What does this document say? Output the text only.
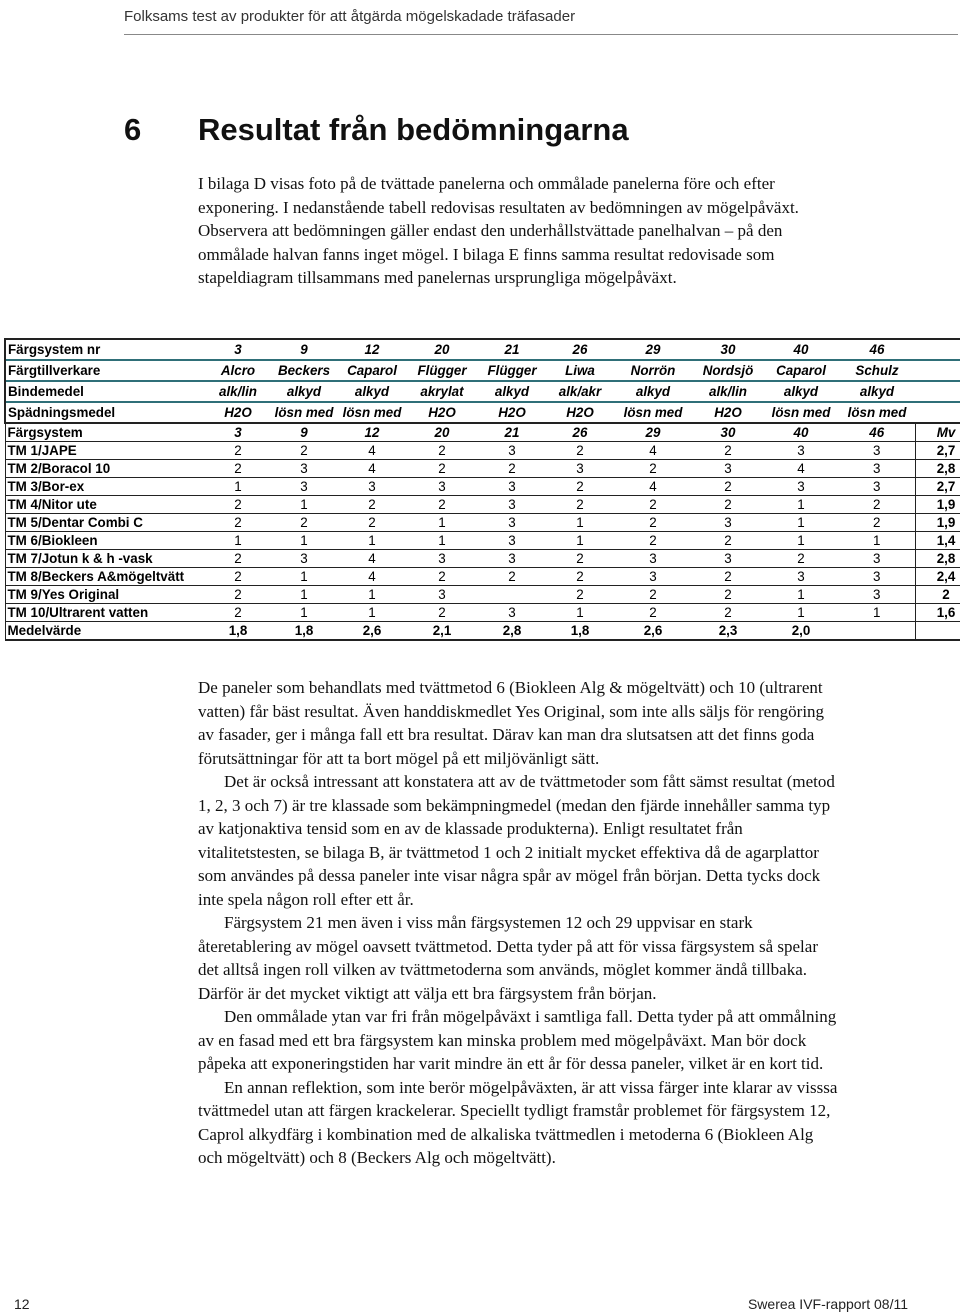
Folksams test av produkter för att åtgärda mögelskadade träfasader
6 Resultat från bedömningarna

I bilaga D visas foto på de tvättade panelerna och ommålade panelerna före och efter exponering. I nedanstående tabell redovisas resultaten av bedömningen av mögelpåväxt. Observera att bedömningen gäller endast den underhållstvättade panelhalvan – på den ommålade halvan fanns inget mögel. I bilaga E finns samma resultat redovisade som stapeldiagram tillsammans med panelernas ursprungliga mögelpåväxt.

Färgsystem nr	3	9	12	20	21	26	29	30	40	46	
Färgtillverkare	Alcro	Beckers	Caparol	Flügger	Flügger	Liwa	Norrön	Nordsjö	Caparol	Schulz	
Bindemedel	alk/lin	alkyd	alkyd	akrylat	alkyd	alk/akr	alkyd	alk/lin	alkyd	alkyd	
Spädningsmedel	H2O	lösn med	lösn med	H2O	H2O	H2O	lösn med	H2O	lösn med	lösn med	
Färgsystem	3	9	12	20	21	26	29	30	40	46	Mv
TM 1/JAPE	2	2	4	2	3	2	4	2	3	3	2,7
TM 2/Boracol 10	2	3	4	2	2	3	2	3	4	3	2,8
TM 3/Bor-ex	1	3	3	3	3	2	4	2	3	3	2,7
TM 4/Nitor ute	2	1	2	2	3	2	2	2	1	2	1,9
TM 5/Dentar Combi C	2	2	2	1	3	1	2	3	1	2	1,9
TM 6/Biokleen	1	1	1	1	3	1	2	2	1	1	1,4
TM 7/Jotun k & h -vask	2	3	4	3	3	2	3	3	2	3	2,8
TM 8/Beckers A&mögeltvätt	2	1	4	2	2	2	3	2	3	3	2,4
TM 9/Yes Original	2	1	1	3		2	2	2	1	3	2
TM 10/Ultrarent vatten	2	1	1	2	3	1	2	2	1	1	1,6
Medelvärde	1,8	1,8	2,6	2,1	2,8	1,8	2,6	2,3	2,0		

De paneler som behandlats med tvättmetod 6 (Biokleen Alg & mögeltvätt) och 10 (ultrarent vatten) får bäst resultat. Även handdiskmedlet Yes Original, som inte alls säljs för rengöring av fasader, ger i många fall ett bra resultat. Därav kan man dra slutsatsen att det finns goda förutsättningar för att ta bort mögel på ett miljövänligt sätt.

Det är också intressant att konstatera att av de tvättmetoder som fått sämst resultat (metod 1, 2, 3 och 7) är tre klassade som bekämpningmedel (medan den fjärde innehåller samma typ av katjonaktiva tensid som en av de klassade produkterna). Enligt resultatet från vitalitetstesten, se bilaga B, är tvättmetod 1 och 2 initialt mycket effektiva då de agarplattor som användes på dessa paneler inte visar några spår av mögel från början. Detta tycks dock inte spela någon roll efter ett år.

Färgsystem 21 men även i viss mån färgsystemen 12 och 29 uppvisar en stark återetablering av mögel oavsett tvättmetod. Detta tyder på att för vissa färgsystem så spelar det alltså ingen roll vilken av tvättmetoderna som används, möglet kommer ändå tillbaka. Därför är det mycket viktigt att välja ett bra färgsystem från början.

Den ommålade ytan var fri från mögelpåväxt i samtliga fall. Detta tyder på att ommålning av en fasad med ett bra färgsystem kan minska problem med mögelpåväxt. Man bör dock påpeka att exponeringstiden har varit mindre än ett år för dessa paneler, vilket är en kort tid.

En annan reflektion, som inte berör mögelpåväxten, är att vissa färger inte klarar av visssa tvättmedel utan att färgen krackelerar. Speciellt tydligt framstår problemet för färgsystem 12, Caprol alkydfärg i kombination med de alkaliska tvättmedlen i metoderna 6 (Biokleen Alg och mögeltvätt) och 8 (Beckers Alg och mögeltvätt).

12	Swerea IVF-rapport 08/11
